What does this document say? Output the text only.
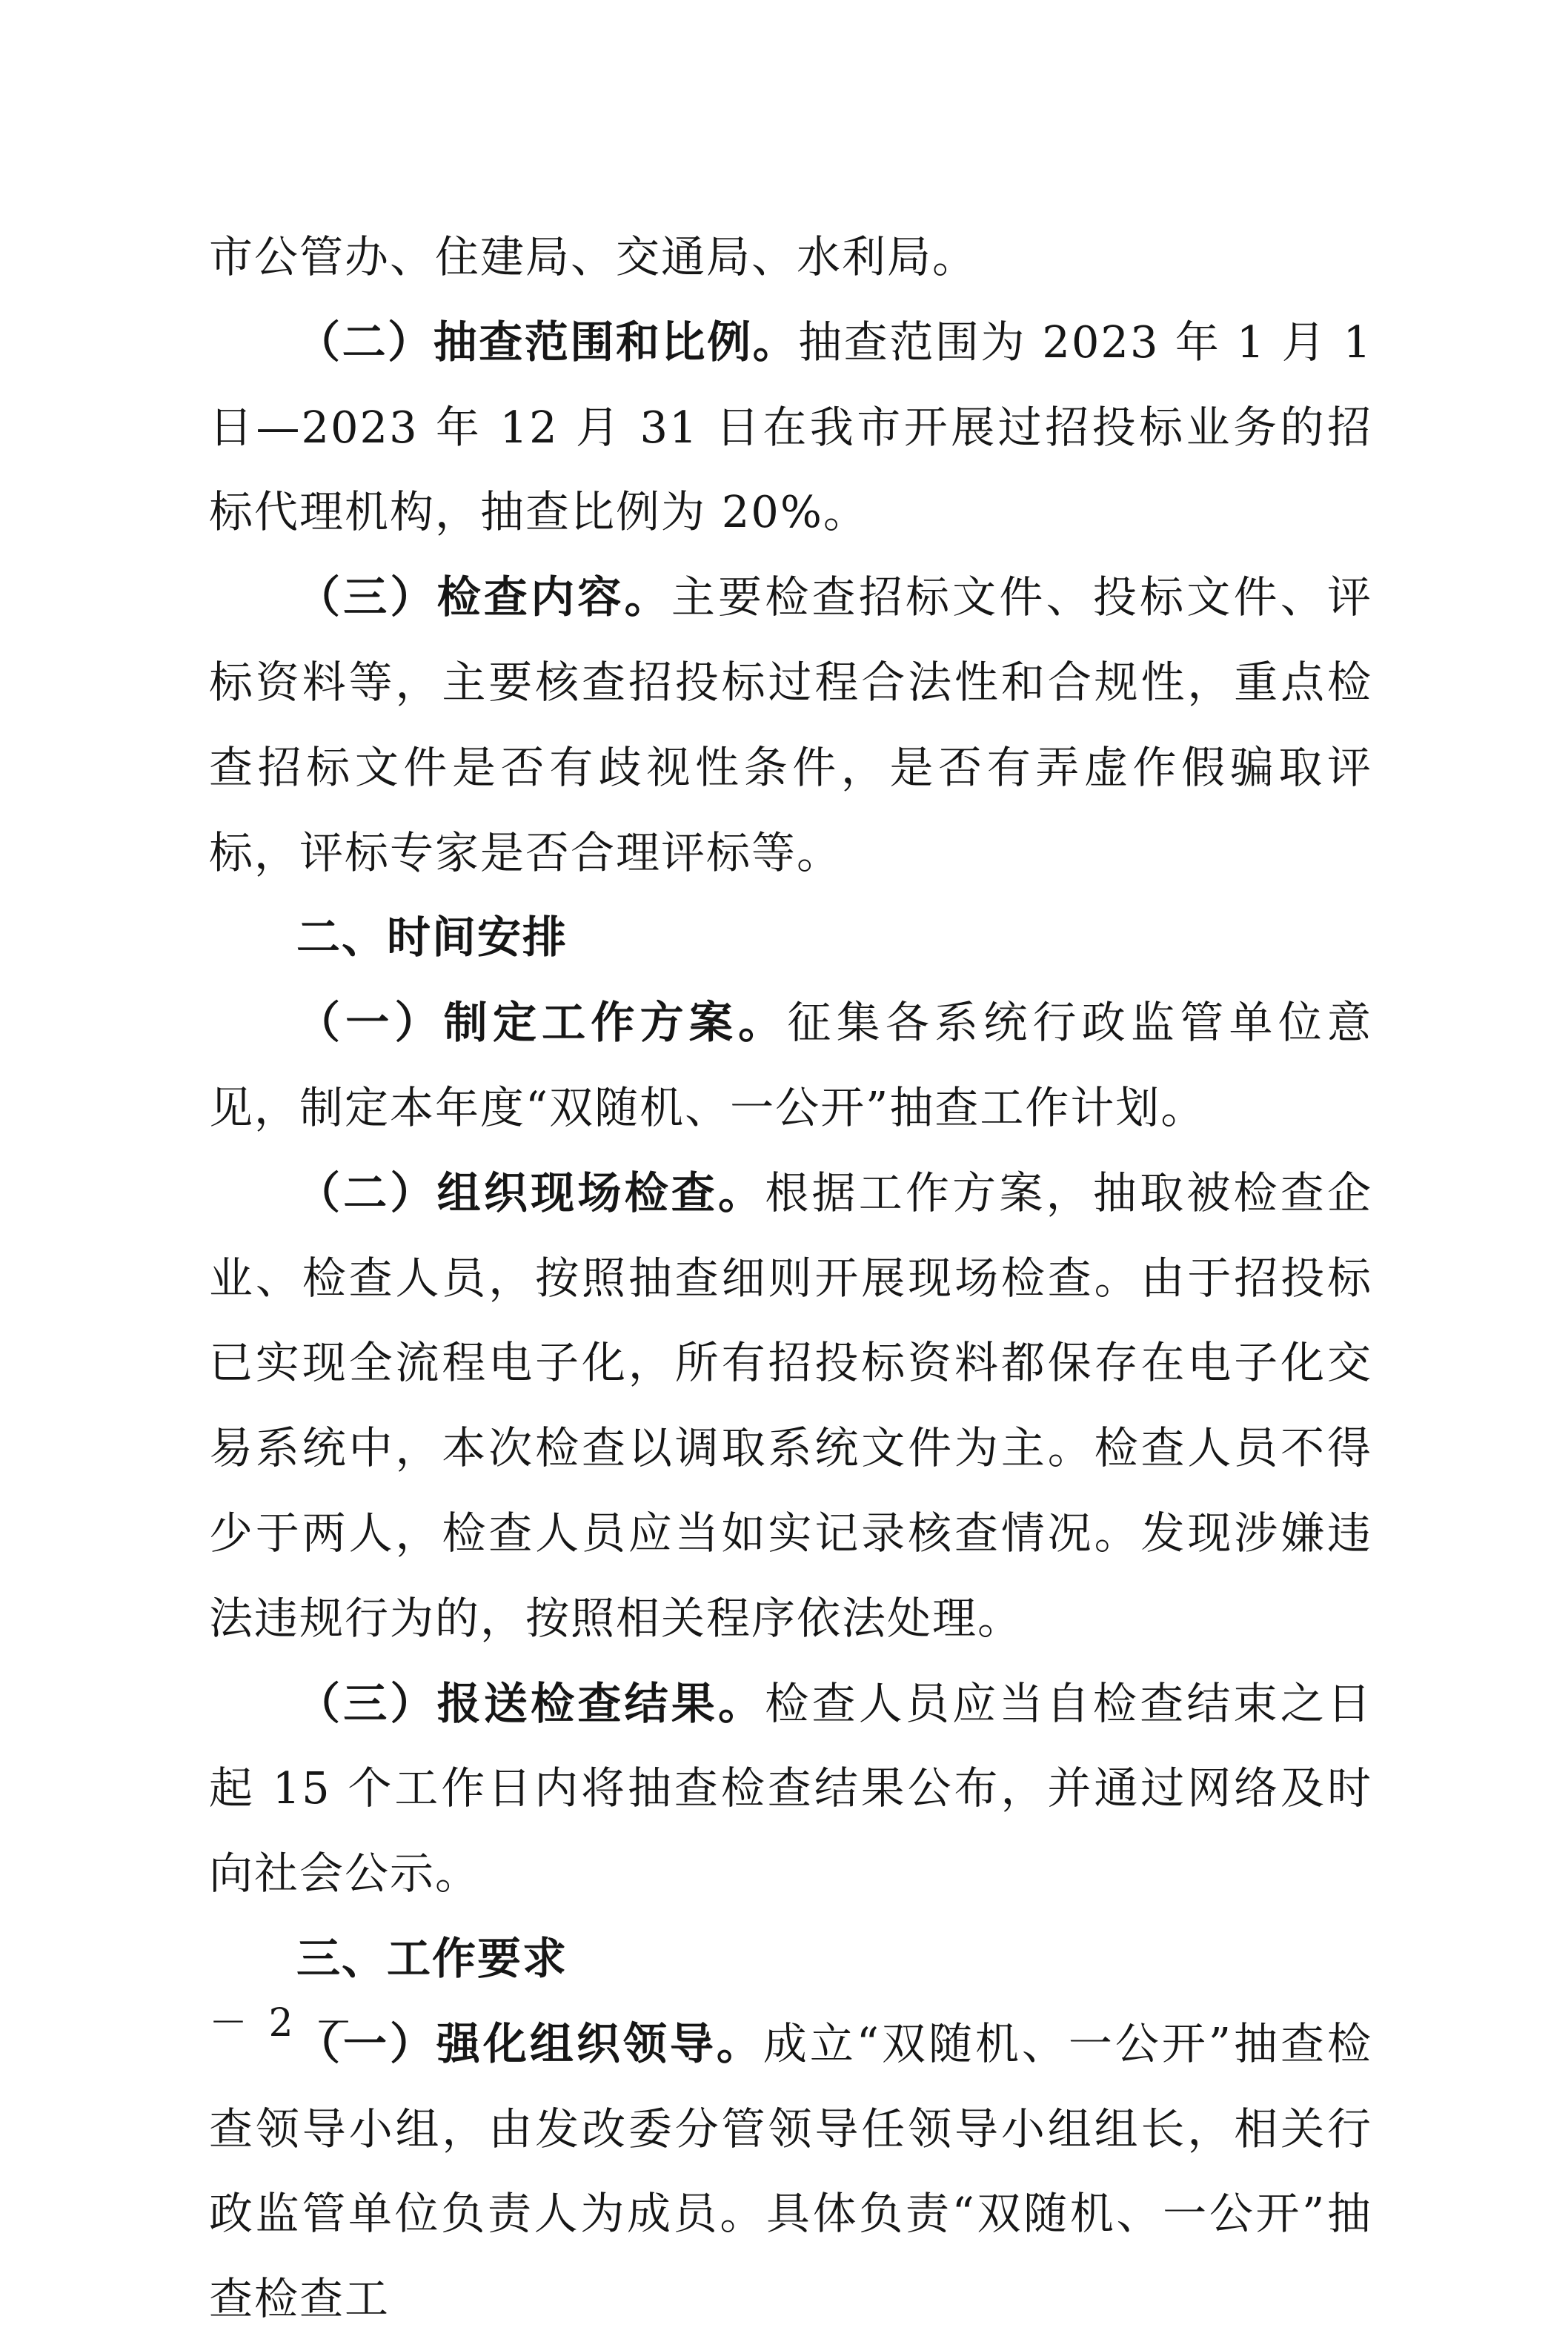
市公管办、住建局、交通局、水利局。

（二）抽查范围和比例。抽查范围为 2023 年 1 月 1 日—2023 年 12 月 31 日在我市开展过招投标业务的招标代理机构，抽查比例为 20%。

（三）检查内容。主要检查招标文件、投标文件、评标资料等，主要核查招投标过程合法性和合规性，重点检查招标文件是否有歧视性条件，是否有弄虚作假骗取评标，评标专家是否合理评标等。

二、时间安排

（一）制定工作方案。征集各系统行政监管单位意见，制定本年度“双随机、一公开”抽查工作计划。

（二）组织现场检查。根据工作方案，抽取被检查企业、检查人员，按照抽查细则开展现场检查。由于招投标已实现全流程电子化，所有招投标资料都保存在电子化交易系统中，本次检查以调取系统文件为主。检查人员不得少于两人，检查人员应当如实记录核查情况。发现涉嫌违法违规行为的，按照相关程序依法处理。

（三）报送检查结果。检查人员应当自检查结束之日起 15 个工作日内将抽查检查结果公布，并通过网络及时向社会公示。

三、工作要求

（一）强化组织领导。成立“双随机、一公开”抽查检查领导小组，由发改委分管领导任领导小组组长，相关行政监管单位负责人为成员。具体负责“双随机、一公开”抽查检查工

－ 2 －
